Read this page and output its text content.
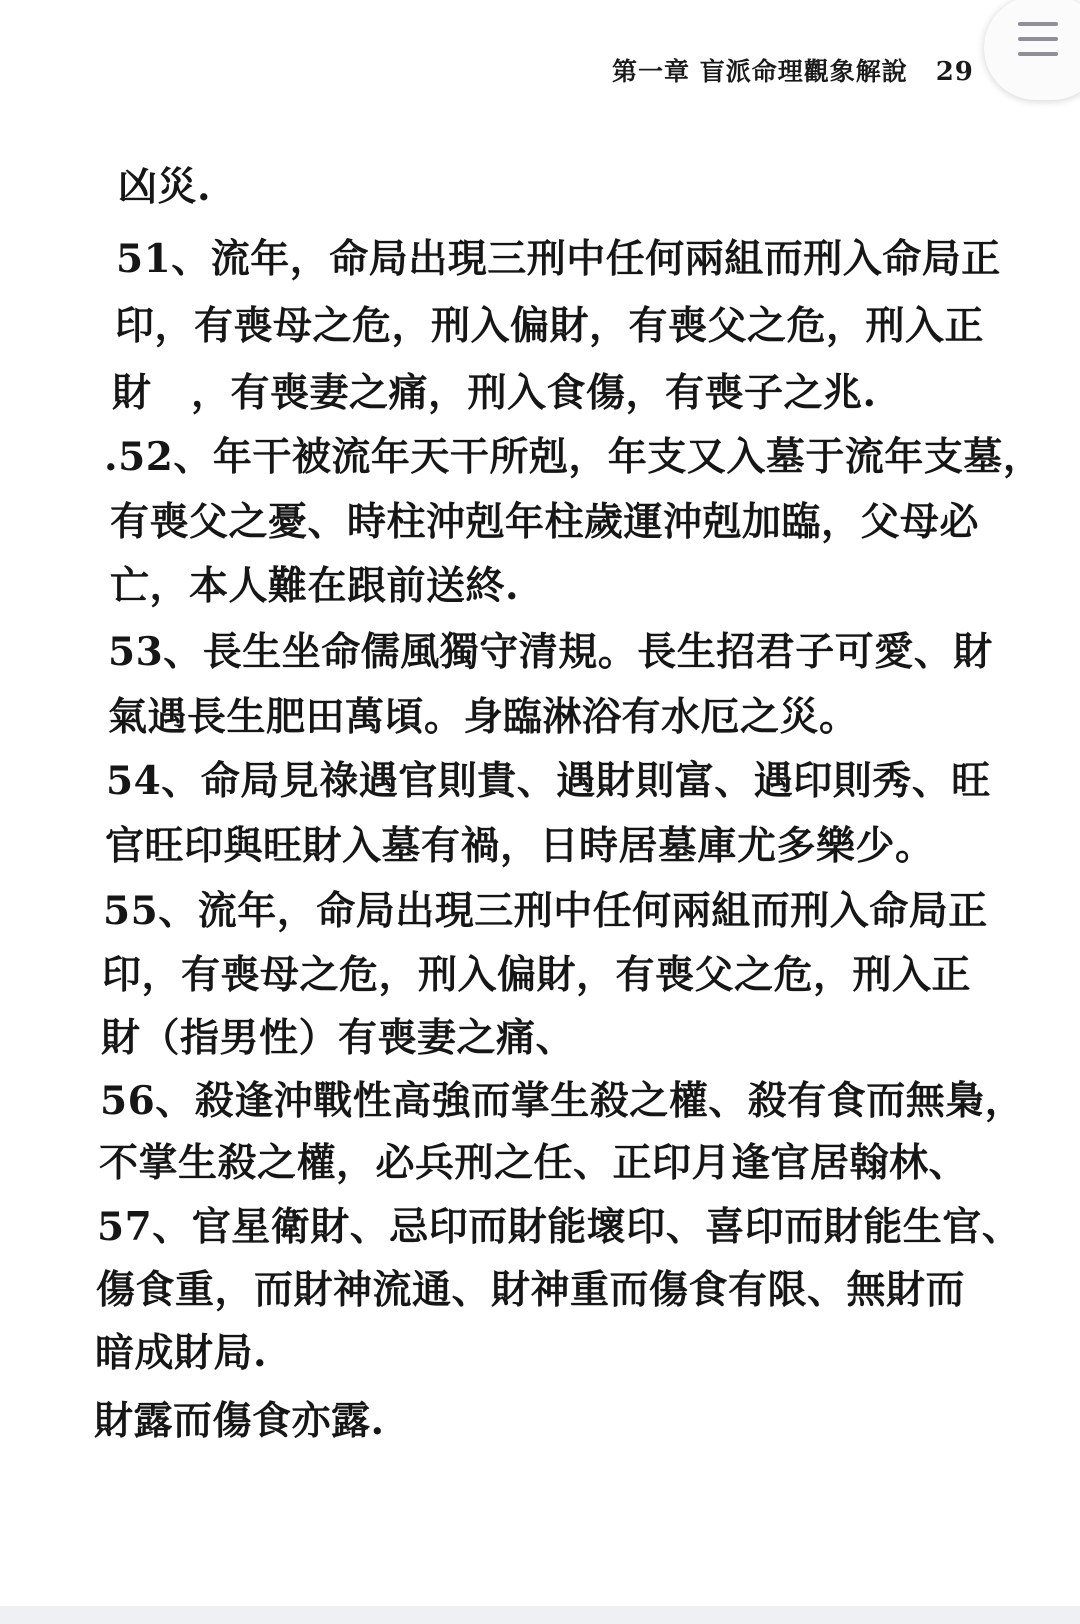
第一章 盲派命理觀象解說 29
凶災.
51、流年，命局出現三刑中任何兩組而刑入命局正
印，有喪母之危，刑入偏財，有喪父之危，刑入正
財　，有喪妻之痛，刑入食傷，有喪子之兆.
.52、年干被流年天干所剋，年支又入墓于流年支墓，
有喪父之憂、時柱沖剋年柱歲運沖剋加臨，父母必
亡，本人難在跟前送終.
53、長生坐命儒風獨守清規。長生招君子可愛、財
氣遇長生肥田萬頃。身臨淋浴有水厄之災。
54、命局見祿遇官則貴、遇財則富、遇印則秀、旺
官旺印與旺財入墓有禍，日時居墓庫尤多樂少。
55、流年，命局出現三刑中任何兩組而刑入命局正
印，有喪母之危，刑入偏財，有喪父之危，刑入正
財（指男性）有喪妻之痛、
56、殺逢沖戰性高強而掌生殺之權、殺有食而無梟，
不掌生殺之權，必兵刑之任、正印月逢官居翰林、
57、官星衛財、忌印而財能壞印、喜印而財能生官、
傷食重，而財神流通、財神重而傷食有限、無財而
暗成財局.
財露而傷食亦露.
